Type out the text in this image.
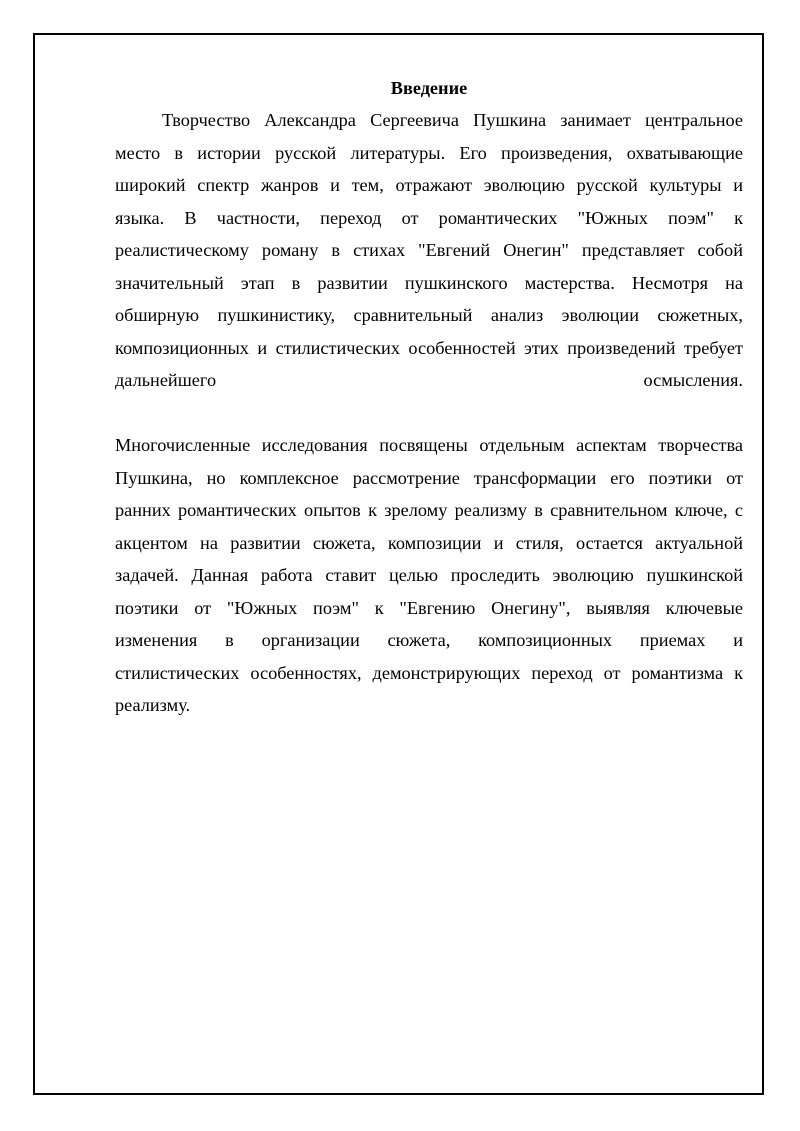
Введение
Творчество Александра Сергеевича Пушкина занимает центральное
место в истории русской литературы. Его произведения, охватывающие
широкий спектр жанров и тем, отражают эволюцию русской культуры и
языка. В частности, переход от романтических "Южных поэм" к
реалистическому роману в стихах "Евгений Онегин" представляет собой
значительный этап в развитии пушкинского мастерства. Несмотря на
обширную пушкинистику, сравнительный анализ эволюции сюжетных,
композиционных и стилистических особенностей этих произведений требует
дальнейшего осмысления.
Многочисленные исследования посвящены отдельным аспектам творчества
Пушкина, но комплексное рассмотрение трансформации его поэтики от
ранних романтических опытов к зрелому реализму в сравнительном ключе, с
акцентом на развитии сюжета, композиции и стиля, остается актуальной
задачей. Данная работа ставит целью проследить эволюцию пушкинской
поэтики от "Южных поэм" к "Евгению Онегину", выявляя ключевые
изменения в организации сюжета, композиционных приемах и
стилистических особенностях, демонстрирующих переход от романтизма к
реализму.
